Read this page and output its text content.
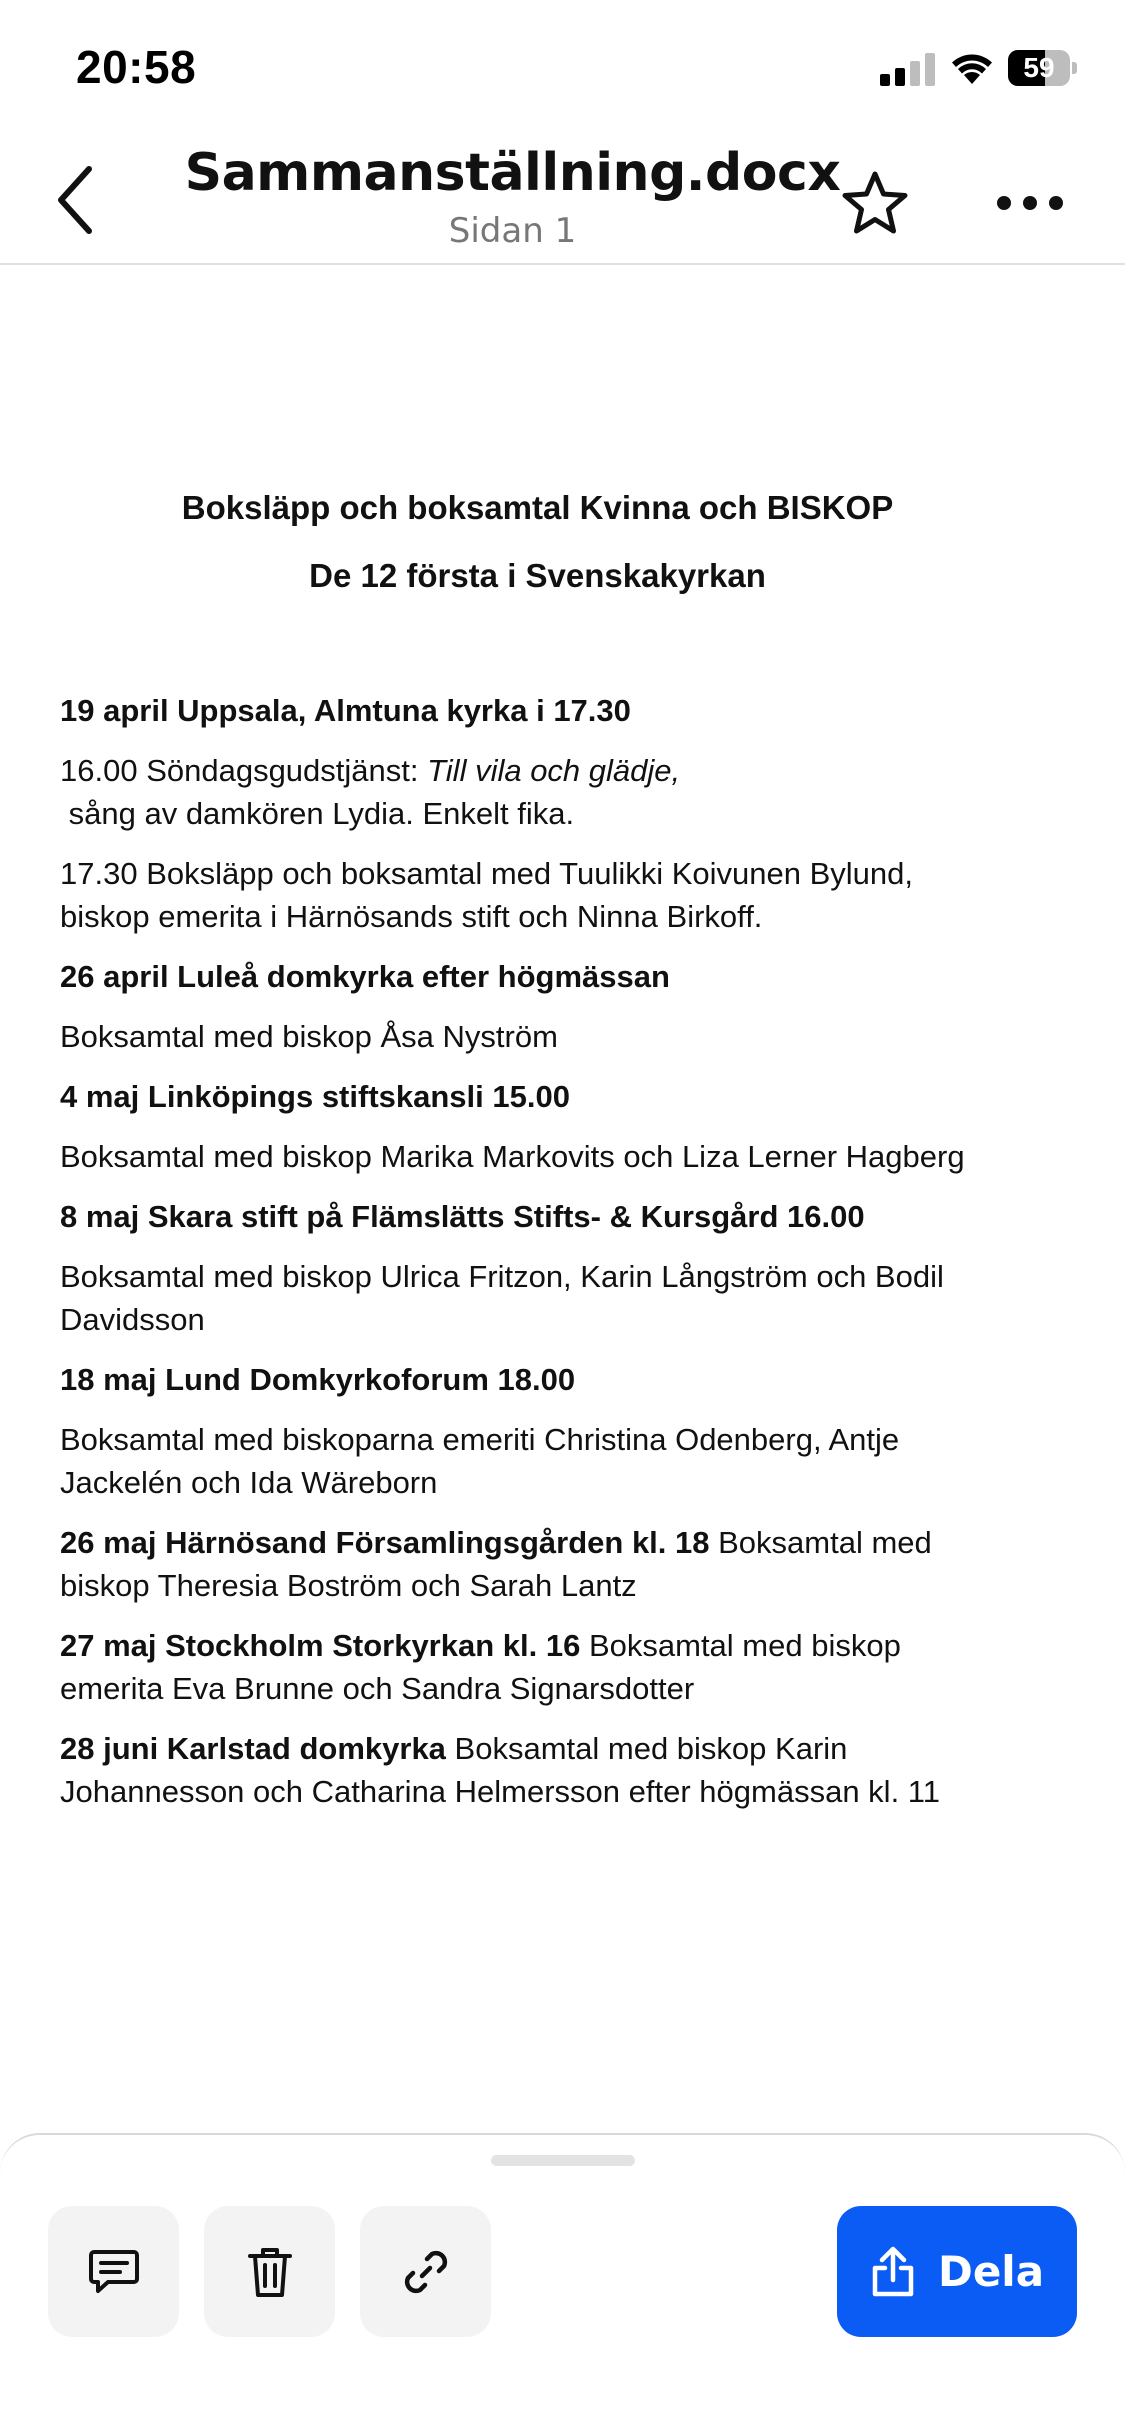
20:58	59
Sammanställning.docx
Sidan 1
Boksläpp och boksamtal Kvinna och BISKOP
De 12 första i Svenskakyrkan

19 april Uppsala, Almtuna kyrka i 17.30

16.00 Söndagsgudstjänst: Till vila och glädje,
sång av damkören Lydia. Enkelt fika.

17.30 Boksläpp och boksamtal med Tuulikki Koivunen Bylund, biskop emerita i Härnösands stift och Ninna Birkoff.

26 april Luleå domkyrka efter högmässan

Boksamtal med biskop Åsa Nyström

4 maj Linköpings stiftskansli 15.00

Boksamtal med biskop Marika Markovits och Liza Lerner Hagberg

8 maj Skara stift på Flämslätts Stifts- & Kursgård 16.00

Boksamtal med biskop Ulrica Fritzon, Karin Långström och Bodil Davidsson

18 maj Lund Domkyrkoforum 18.00

Boksamtal med biskoparna emeriti Christina Odenberg, Antje Jackelén och Ida Wäreborn

26 maj Härnösand Församlingsgården kl. 18 Boksamtal med biskop Theresia Boström och Sarah Lantz

27 maj Stockholm Storkyrkan kl. 16 Boksamtal med biskop emerita Eva Brunne och Sandra Signarsdotter

28 juni Karlstad domkyrka Boksamtal med biskop Karin Johannesson och Catharina Helmersson efter högmässan kl. 11

Dela
